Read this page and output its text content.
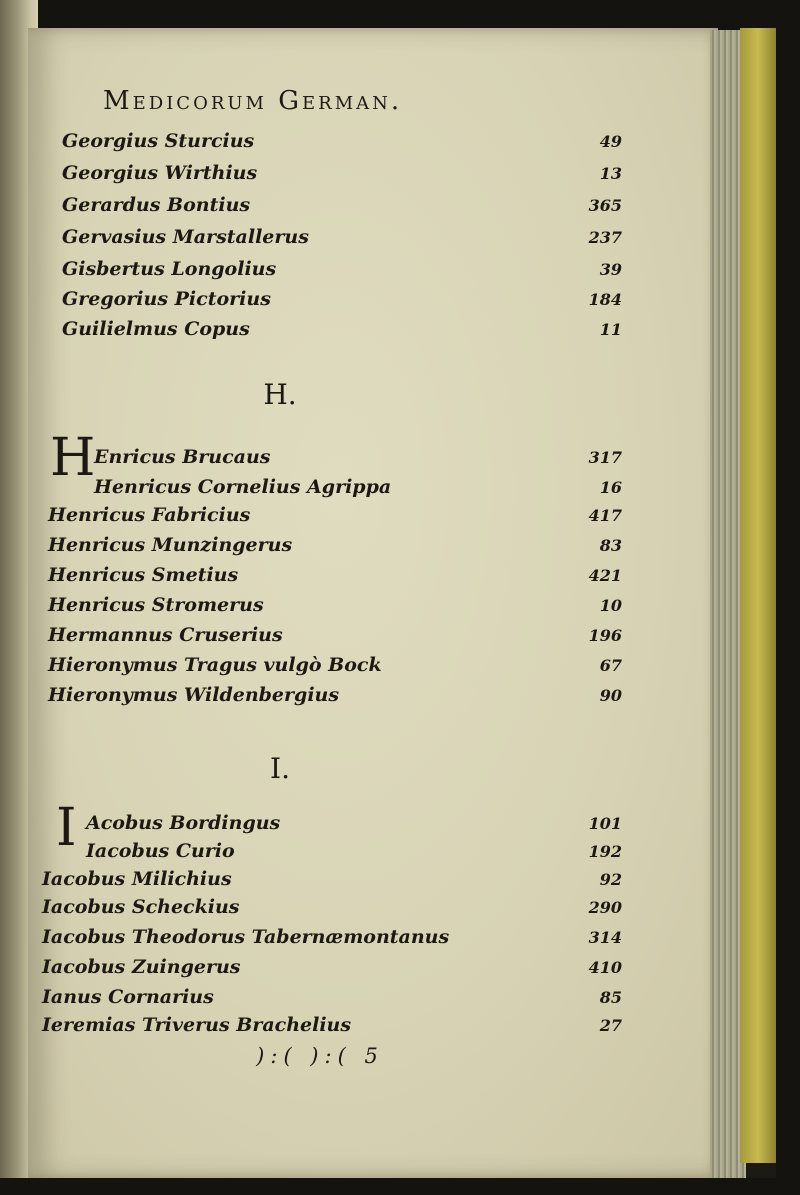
Medicorum German.
Georgius Sturcius	49
Georgius Wirthius	13
Gerardus Bontius	365
Gervasius Marstallerus	237
Gisbertus Longolius	39
Gregorius Pictorius	184
Guilielmus Copus	11
H.
H
Enricus Brucaus	317
Henricus Cornelius Agrippa	16
Henricus Fabricius	417
Henricus Munzingerus	83
Henricus Smetius	421
Henricus Stromerus	10
Hermannus Cruserius	196
Hieronymus Tragus vulgò Bock	67
Hieronymus Wildenbergius	90
I.
I Acobus Bordingus	101
Iacobus Curio	192
Iacobus Milichius	92
Iacobus Scheckius	290
Iacobus Theodorus Tabernæmontanus	314
Iacobus Zuingerus	410
Ianus Cornarius	85
Ieremias Triverus Brachelius	27
):( ):( 5
